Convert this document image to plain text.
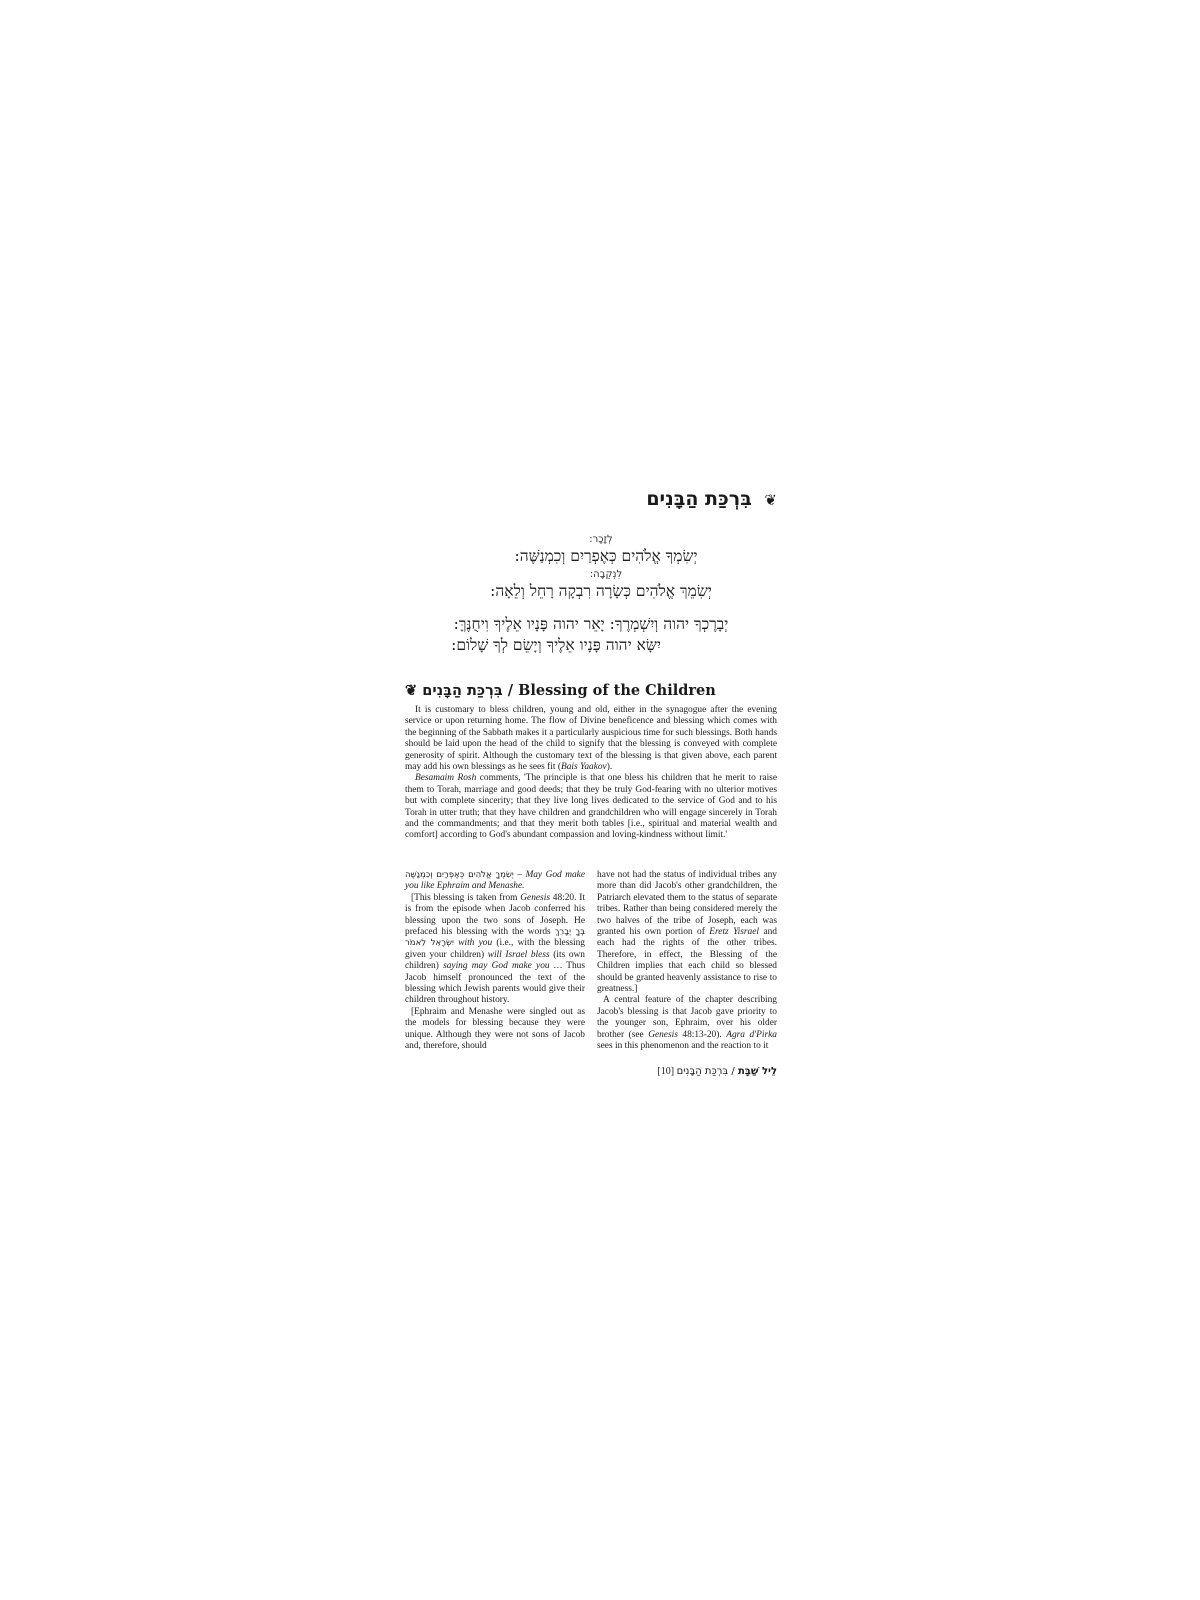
❦ בִּרְכַּת הַבָּנִים
לְזָכָר:
יְשִׂמְךָ אֱלֹהִים כְּאֶפְרַיִם וְכִמְנַשֶּׁה:
לִנְקֵבָה:
יְשִׂמֵךְ אֱלֹהִים כְּשָׂרָה רִבְקָה רָחֵל וְלֵאָה:
יְבָרֶכְךָ יהוה וְיִשְׁמְרֶךָ: יָאֵר יהוה פָּנָיו אֵלֶיךָ וִיחֻנֶּךָּ:
יִשָּׂא יהוה פָּנָיו אֵלֶיךָ וְיָשֵׂם לְךָ שָׁלוֹם:
❦ בִּרְכַּת הַבָּנִים / Blessing of the Children

It is customary to bless children, young and old, either in the synagogue after the evening service or upon returning home. The flow of Divine beneficence and blessing which comes with the beginning of the Sabbath makes it a particularly auspicious time for such blessings. Both hands should be laid upon the head of the child to signify that the blessing is conveyed with complete generosity of spirit. Although the customary text of the blessing is that given above, each parent may add his own blessings as he sees fit (Bais Yaakov).

Besamaim Rosh comments, 'The principle is that one bless his children that he merit to raise them to Torah, marriage and good deeds; that they be truly God-fearing with no ulterior motives but with complete sincerity; that they live long lives dedicated to the service of God and to his Torah in utter truth; that they have children and grandchildren who will engage sincerely in Torah and the commandments; and that they merit both tables [i.e., spiritual and material wealth and comfort] according to God's abundant compassion and loving-kindness without limit.'

יְשִׂמְךָ אֱלֹהִים כְּאֶפְרַיִם וְכִמְנַשֶּׁה – May God make you like Ephraim and Menashe.

[This blessing is taken from Genesis 48:20. It is from the episode when Jacob conferred his blessing upon the two sons of Joseph. He prefaced his blessing with the words בְּךָ יְבָרֵךְ יִשְׂרָאֵל לֵאמֹר with you (i.e., with the blessing given your children) will Israel bless (its own children) saying may God make you … Thus Jacob himself pronounced the text of the blessing which Jewish parents would give their children throughout history.

[Ephraim and Menashe were singled out as the models for blessing because they were unique. Although they were not sons of Jacob and, therefore, should

have not had the status of individual tribes any more than did Jacob's other grandchildren, the Patriarch elevated them to the status of separate tribes. Rather than being considered merely the two halves of the tribe of Joseph, each was granted his own portion of Eretz Yisrael and each had the rights of the other tribes. Therefore, in effect, the Blessing of the Children implies that each child so blessed should be granted heavenly assistance to rise to greatness.]

A central feature of the chapter describing Jacob's blessing is that Jacob gave priority to the younger son, Ephraim, over his older brother (see Genesis 48:13-20). Agra d'Pirka sees in this phenomenon and the reaction to it

לֵיל שַׁבָּת / בִּרְכַּת הַבָּנִים [10]
